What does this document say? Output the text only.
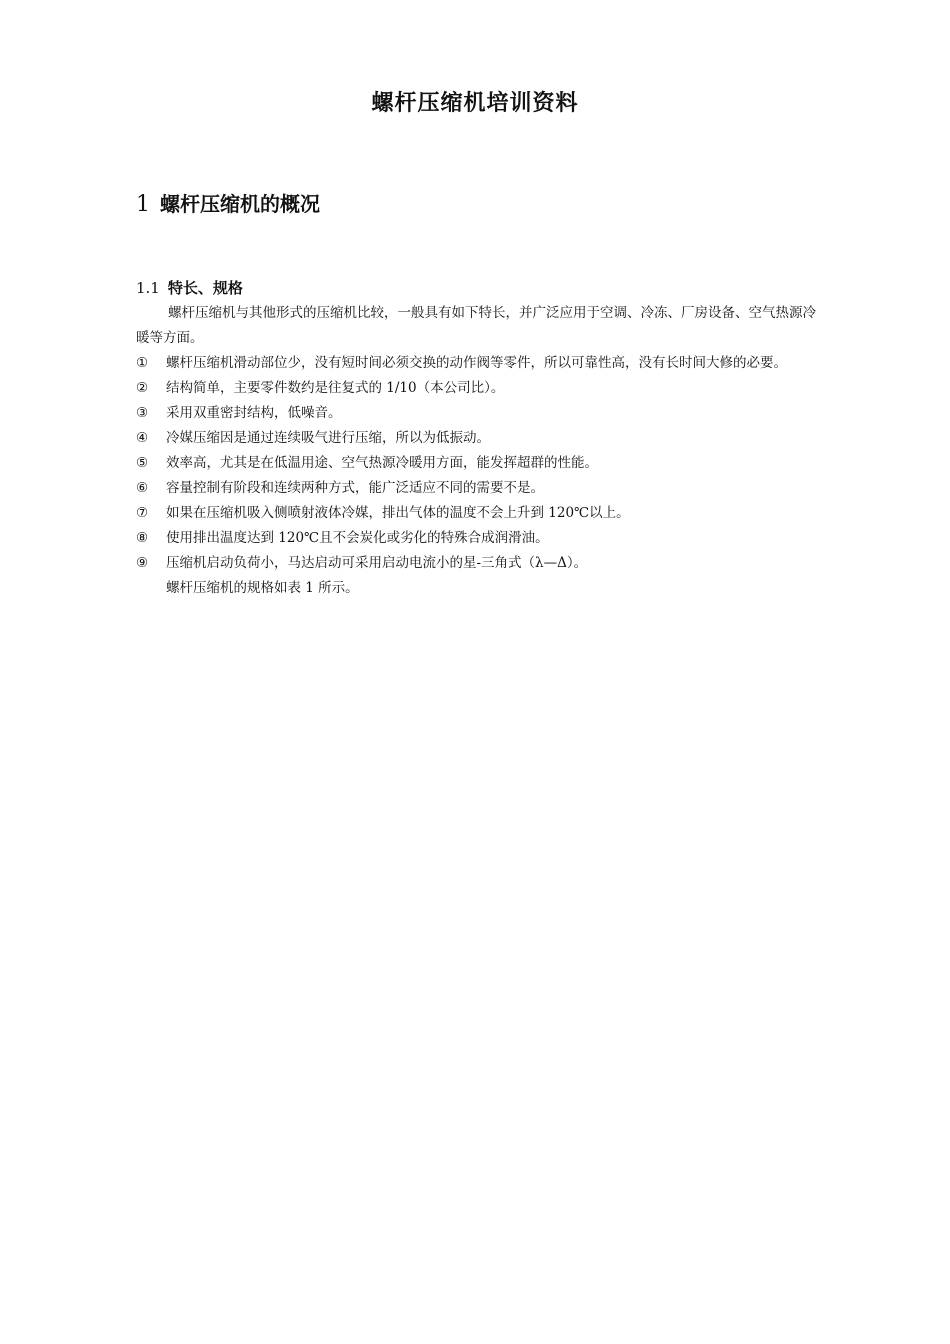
螺杆压缩机培训资料
1 螺杆压缩机的概况
1.1 特长、规格

螺杆压缩机与其他形式的压缩机比较，一般具有如下特长，并广泛应用于空调、冷冻、厂房设备、空气热源冷暖等方面。

①	螺杆压缩机滑动部位少，没有短时间必须交换的动作阀等零件，所以可靠性高，没有长时间大修的必要。
②	结构简单，主要零件数约是往复式的 1/10（本公司比）。
③	采用双重密封结构，低噪音。
④	冷媒压缩因是通过连续吸气进行压缩，所以为低振动。
⑤	效率高，尤其是在低温用途、空气热源冷暖用方面，能发挥超群的性能。
⑥	容量控制有阶段和连续两种方式，能广泛适应不同的需要不是。
⑦	如果在压缩机吸入侧喷射液体冷媒，排出气体的温度不会上升到 120℃以上。
⑧	使用排出温度达到 120℃且不会炭化或劣化的特殊合成润滑油。
⑨	压缩机启动负荷小，马达启动可采用启动电流小的星-三角式（λ—Δ）。

螺杆压缩机的规格如表 1 所示。
